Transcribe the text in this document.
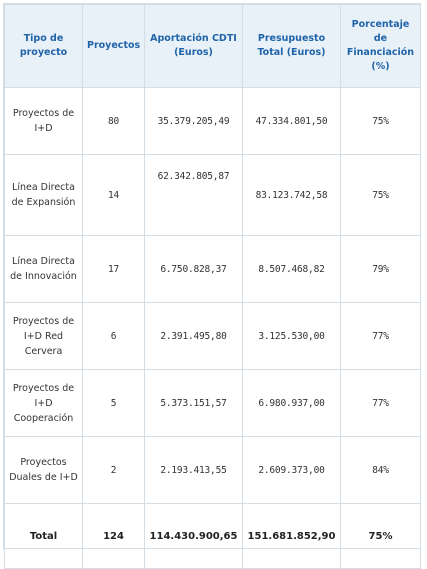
Tipo de proyecto	Proyectos	Aportación CDTI (Euros)	Presupuesto Total (Euros)	Porcentaje de Financiación (%)
Proyectos de I+D	80	35.379.205,49	47.334.801,50	75%
Línea Directa de Expansión	14	62.342.805,87	83.123.742,58	75%
Línea Directa de Innovación	17	6.750.828,37	8.507.468,82	79%
Proyectos de I+D Red Cervera	6	2.391.495,80	3.125.530,00	77%
Proyectos de I+D Cooperación	5	5.373.151,57	6.980.937,00	77%
Proyectos Duales de I+D	2	2.193.413,55	2.609.373,00	84%
Total	124	114.430.900,65	151.681.852,90	75%
